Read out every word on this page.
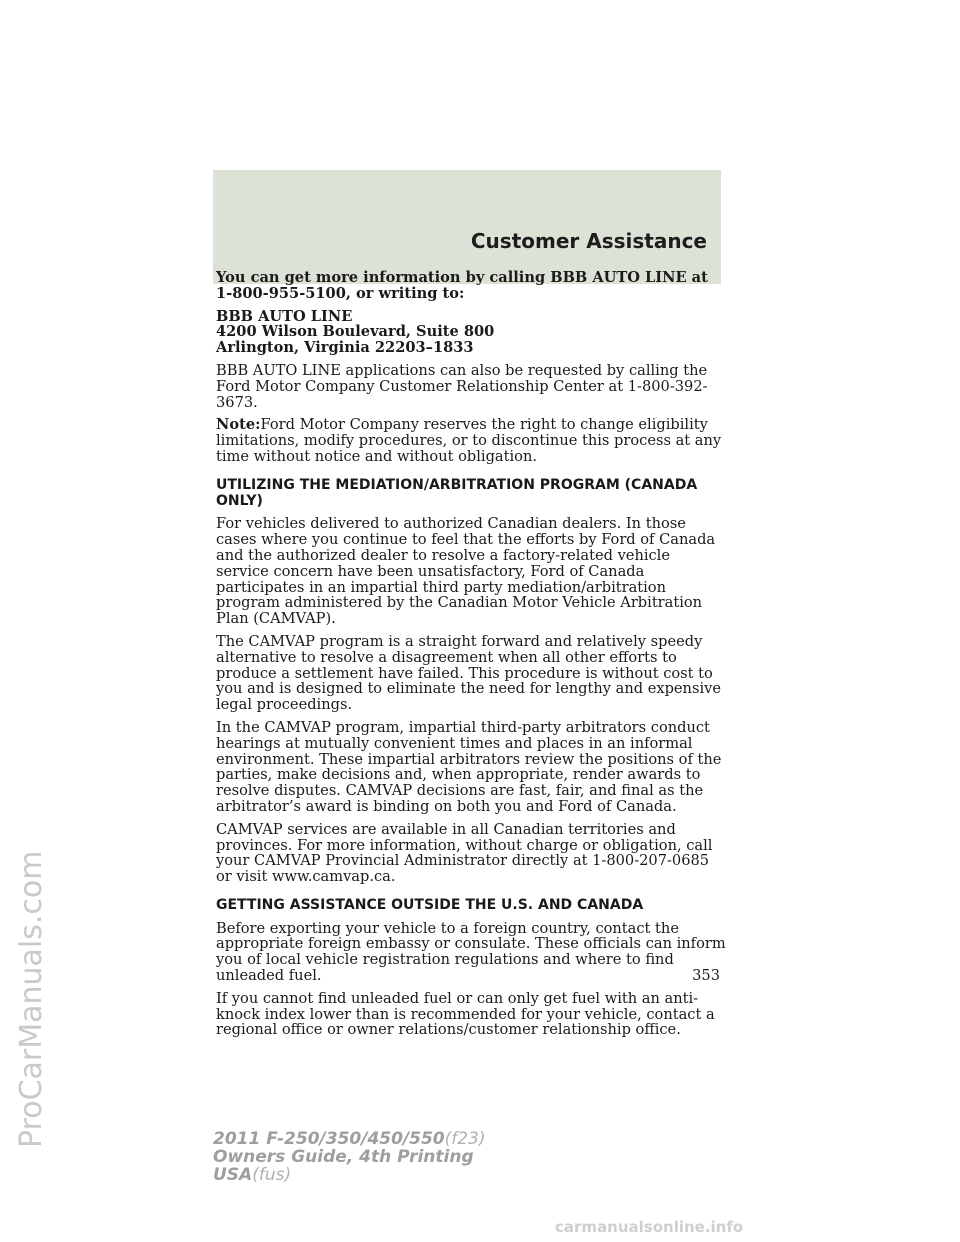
Customer Assistance

You can get more information by calling BBB AUTO LINE at 1-800-955-5100, or writing to:

BBB AUTO LINE
4200 Wilson Boulevard, Suite 800
Arlington, Virginia 22203–1833

BBB AUTO LINE applications can also be requested by calling the Ford Motor Company Customer Relationship Center at 1-800-392-3673.

Note:Ford Motor Company reserves the right to change eligibility limitations, modify procedures, or to discontinue this process at any time without notice and without obligation.

UTILIZING THE MEDIATION/ARBITRATION PROGRAM (CANADA ONLY)

For vehicles delivered to authorized Canadian dealers. In those cases where you continue to feel that the efforts by Ford of Canada and the authorized dealer to resolve a factory-related vehicle service concern have been unsatisfactory, Ford of Canada participates in an impartial third party mediation/arbitration program administered by the Canadian Motor Vehicle Arbitration Plan (CAMVAP).

The CAMVAP program is a straight forward and relatively speedy alternative to resolve a disagreement when all other efforts to produce a settlement have failed. This procedure is without cost to you and is designed to eliminate the need for lengthy and expensive legal proceedings.

In the CAMVAP program, impartial third-party arbitrators conduct hearings at mutually convenient times and places in an informal environment. These impartial arbitrators review the positions of the parties, make decisions and, when appropriate, render awards to resolve disputes. CAMVAP decisions are fast, fair, and final as the arbitrator’s award is binding on both you and Ford of Canada.

CAMVAP services are available in all Canadian territories and provinces. For more information, without charge or obligation, call your CAMVAP Provincial Administrator directly at 1-800-207-0685 or visit www.camvap.ca.

GETTING ASSISTANCE OUTSIDE THE U.S. AND CANADA

Before exporting your vehicle to a foreign country, contact the appropriate foreign embassy or consulate. These officials can inform you of local vehicle registration regulations and where to find unleaded fuel.

If you cannot find unleaded fuel or can only get fuel with an anti-knock index lower than is recommended for your vehicle, contact a regional office or owner relations/customer relationship office.

353
2011 F-250/350/450/550(f23)
Owners Guide, 4th Printing
USA(fus)
ProCarManuals.com
carmanualsonline.info
